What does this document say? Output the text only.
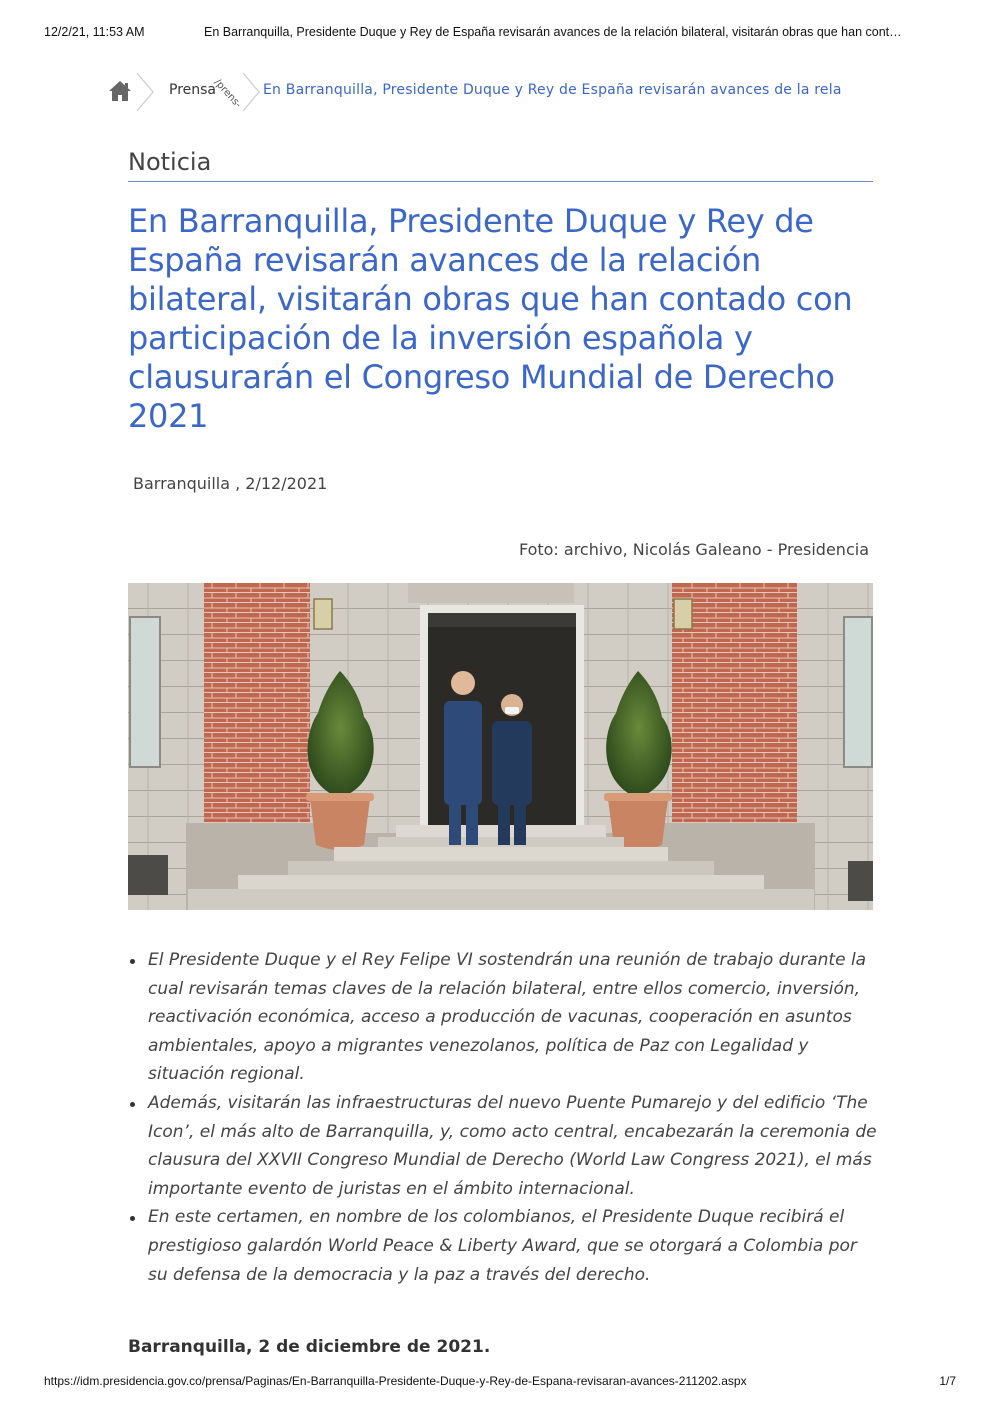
12/2/21, 11:53 AM	En Barranquilla, Presidente Duque y Rey de España revisarán avances de la relación bilateral, visitarán obras que han cont…
Prensa
/prens- En Barranquilla, Presidente Duque y Rey de España revisarán avances de la rela
Noticia
En Barranquilla, Presidente Duque y Rey de España revisarán avances de la relación bilateral, visitarán obras que han contado con participación de la inversión española y clausurarán el Congreso Mundial de Derecho 2021
Barranquilla , 2/12/2021
Foto: archivo, Nicolás Galeano - Presidencia
El Presidente Duque y el Rey Felipe VI sostendrán una reunión de trabajo durante la cual revisarán temas claves de la relación bilateral, entre ellos comercio, inversión, reactivación económica, acceso a producción de vacunas, cooperación en asuntos ambientales, apoyo a migrantes venezolanos, política de Paz con Legalidad y situación regional.
Además, visitarán las infraestructuras del nuevo Puente Pumarejo y del edificio ‘The Icon’, el más alto de Barranquilla, y, como acto central, encabezarán la ceremonia de clausura del XXVII Congreso Mundial de Derecho (World Law Congress 2021), el más importante evento de juristas en el ámbito internacional.
En este certamen, en nombre de los colombianos, el Presidente Duque recibirá el prestigioso galardón World Peace & Liberty Award, que se otorgará a Colombia por su defensa de la democracia y la paz a través del derecho.

Barranquilla, 2 de diciembre de 2021.

https://idm.presidencia.gov.co/prensa/Paginas/En-Barranquilla-Presidente-Duque-y-Rey-de-Espana-revisaran-avances-211202.aspx	1/7
